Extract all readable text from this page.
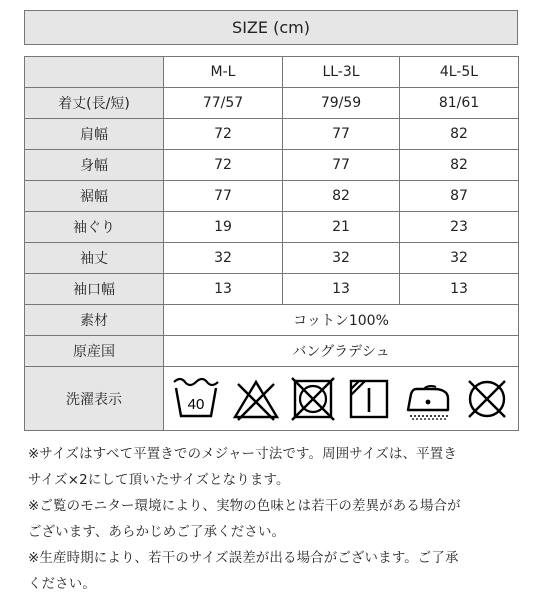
SIZE (cm)
	M-L	LL-3L	4L-5L
着丈(長/短)	77/57	79/59	81/61
肩幅	72	77	82
身幅	72	77	82
裾幅	77	82	87
袖ぐり	19	21	23
袖丈	32	32	32
袖口幅	13	13	13
素材	コットン100%		
原産国	バングラデシュ		
洗濯表示	40		

※サイズはすべて平置きでのメジャー寸法です。周囲サイズは、平置き
サイズ×2にして頂いたサイズとなります。

※ご覧のモニター環境により、実物の色味とは若干の差異がある場合が
ございます、あらかじめご了承ください。

※生産時期により、若干のサイズ誤差が出る場合がございます。ご了承
ください。
